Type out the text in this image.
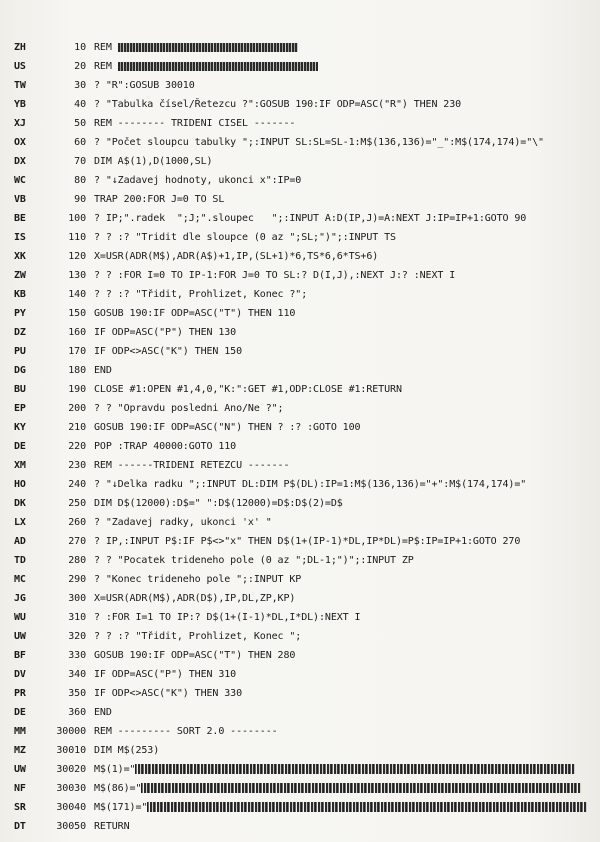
ZH	10 REM
US	20 REM
TW	30 ? "R":GOSUB 30010
YB	40 ? "Tabulka čísel/Řetezcu ?":GOSUB 190:IF ODP=ASC("R") THEN 230
XJ	50 REM -------- TRIDENI CISEL -------
OX	60 ? "Počet sloupcu tabulky ";:INPUT SL:SL=SL-1:M$(136,136)="_":M$(174,174)="\"
DX	70 DIM A$(1),D(1000,SL)
WC	80 ? "↓Zadavej hodnoty, ukonci x":IP=0
VB	90 TRAP 200:FOR J=0 TO SL
BE	100 ? IP;".radek  ";J;".sloupec   ";:INPUT A:D(IP,J)=A:NEXT J:IP=IP+1:GOTO 90
IS	110 ? ? :? "Tridit dle sloupce (0 az ";SL;")";:INPUT TS
XK	120 X=USR(ADR(M$),ADR(A$)+1,IP,(SL+1)*6,TS*6,6*TS+6)
ZW	130 ? ? :FOR I=0 TO IP-1:FOR J=0 TO SL:? D(I,J),:NEXT J:? :NEXT I
KB	140 ? ? :? "Třidit, Prohlizet, Konec ?";
PY	150 GOSUB 190:IF ODP=ASC("T") THEN 110
DZ	160 IF ODP=ASC("P") THEN 130
PU	170 IF ODP<>ASC("K") THEN 150
DG	180 END
BU	190 CLOSE #1:OPEN #1,4,0,"K:":GET #1,ODP:CLOSE #1:RETURN
EP	200 ? ? "Opravdu posledni Ano/Ne ?";
KY	210 GOSUB 190:IF ODP=ASC("N") THEN ? :? :GOTO 100
DE	220 POP :TRAP 40000:GOTO 110
XM	230 REM ------TRIDENI RETEZCU -------
HO	240 ? "↓Delka radku ";:INPUT DL:DIM P$(DL):IP=1:M$(136,136)="+":M$(174,174)="
DK	250 DIM D$(12000):D$=" ":D$(12000)=D$:D$(2)=D$
LX	260 ? "Zadavej radky, ukonci 'x' "
AD	270 ? IP,:INPUT P$:IF P$<>"x" THEN D$(1+(IP-1)*DL,IP*DL)=P$:IP=IP+1:GOTO 270
TD	280 ? ? "Pocatek trideneho pole (0 az ";DL-1;")";:INPUT ZP
MC	290 ? "Konec trideneho pole ";:INPUT KP
JG	300 X=USR(ADR(M$),ADR(D$),IP,DL,ZP,KP)
WU	310 ? :FOR I=1 TO IP:? D$(1+(I-1)*DL,I*DL):NEXT I
UW	320 ? ? :? "Třidit, Prohlizet, Konec ";
BF	330 GOSUB 190:IF ODP=ASC("T") THEN 280
DV	340 IF ODP=ASC("P") THEN 310
PR	350 IF ODP<>ASC("K") THEN 330
DE	360 END
MM	30000 REM --------- SORT 2.0 --------
MZ	30010 DIM M$(253)
UW	30020 M$(1)="
NF	30030 M$(86)="
SR	30040 M$(171)="
DT	30050 RETURN
